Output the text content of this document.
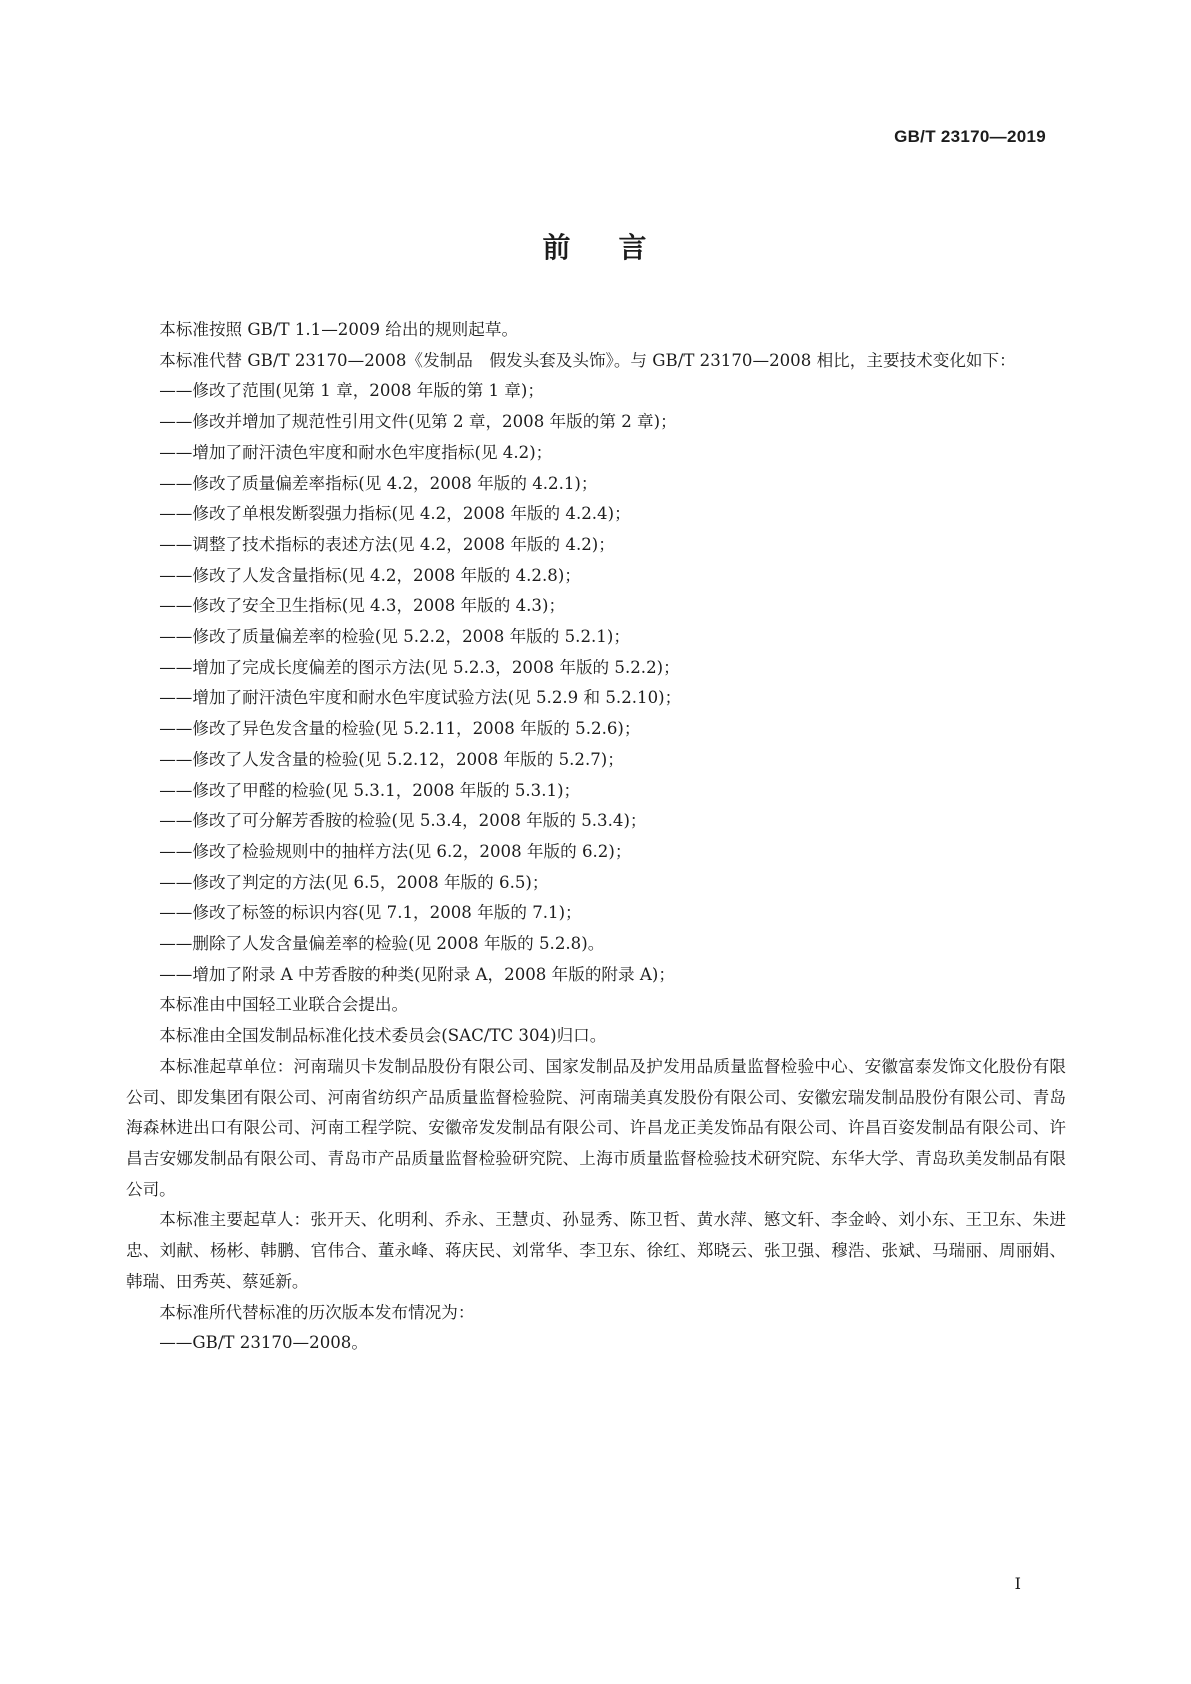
GB/T 23170—2019
前 言

本标准按照 GB/T 1.1—2009 给出的规则起草。

本标准代替 GB/T 23170—2008《发制品　假发头套及头饰》。与 GB/T 23170—2008 相比，主要技术变化如下：

——修改了范围(见第 1 章，2008 年版的第 1 章)；

——修改并增加了规范性引用文件(见第 2 章，2008 年版的第 2 章)；

——增加了耐汗渍色牢度和耐水色牢度指标(见 4.2)；

——修改了质量偏差率指标(见 4.2，2008 年版的 4.2.1)；

——修改了单根发断裂强力指标(见 4.2，2008 年版的 4.2.4)；

——调整了技术指标的表述方法(见 4.2，2008 年版的 4.2)；

——修改了人发含量指标(见 4.2，2008 年版的 4.2.8)；

——修改了安全卫生指标(见 4.3，2008 年版的 4.3)；

——修改了质量偏差率的检验(见 5.2.2，2008 年版的 5.2.1)；

——增加了完成长度偏差的图示方法(见 5.2.3，2008 年版的 5.2.2)；

——增加了耐汗渍色牢度和耐水色牢度试验方法(见 5.2.9 和 5.2.10)；

——修改了异色发含量的检验(见 5.2.11，2008 年版的 5.2.6)；

——修改了人发含量的检验(见 5.2.12，2008 年版的 5.2.7)；

——修改了甲醛的检验(见 5.3.1，2008 年版的 5.3.1)；

——修改了可分解芳香胺的检验(见 5.3.4，2008 年版的 5.3.4)；

——修改了检验规则中的抽样方法(见 6.2，2008 年版的 6.2)；

——修改了判定的方法(见 6.5，2008 年版的 6.5)；

——修改了标签的标识内容(见 7.1，2008 年版的 7.1)；

——删除了人发含量偏差率的检验(见 2008 年版的 5.2.8)。

——增加了附录 A 中芳香胺的种类(见附录 A，2008 年版的附录 A)；

本标准由中国轻工业联合会提出。

本标准由全国发制品标准化技术委员会(SAC/TC 304)归口。

本标准起草单位：河南瑞贝卡发制品股份有限公司、国家发制品及护发用品质量监督检验中心、安徽富泰发饰文化股份有限公司、即发集团有限公司、河南省纺织产品质量监督检验院、河南瑞美真发股份有限公司、安徽宏瑞发制品股份有限公司、青岛海森林进出口有限公司、河南工程学院、安徽帝发发制品有限公司、许昌龙正美发饰品有限公司、许昌百姿发制品有限公司、许昌吉安娜发制品有限公司、青岛市产品质量监督检验研究院、上海市质量监督检验技术研究院、东华大学、青岛玖美发制品有限公司。

本标准主要起草人：张开天、化明利、乔永、王慧贞、孙显秀、陈卫哲、黄水萍、慜文轩、李金岭、刘小东、王卫东、朱进忠、刘献、杨彬、韩鹏、官伟合、董永峰、蒋庆民、刘常华、李卫东、徐红、郑晓云、张卫强、穆浩、张斌、马瑞丽、周丽娟、韩瑞、田秀英、蔡延新。

本标准所代替标准的历次版本发布情况为：

——GB/T 23170—2008。

I
